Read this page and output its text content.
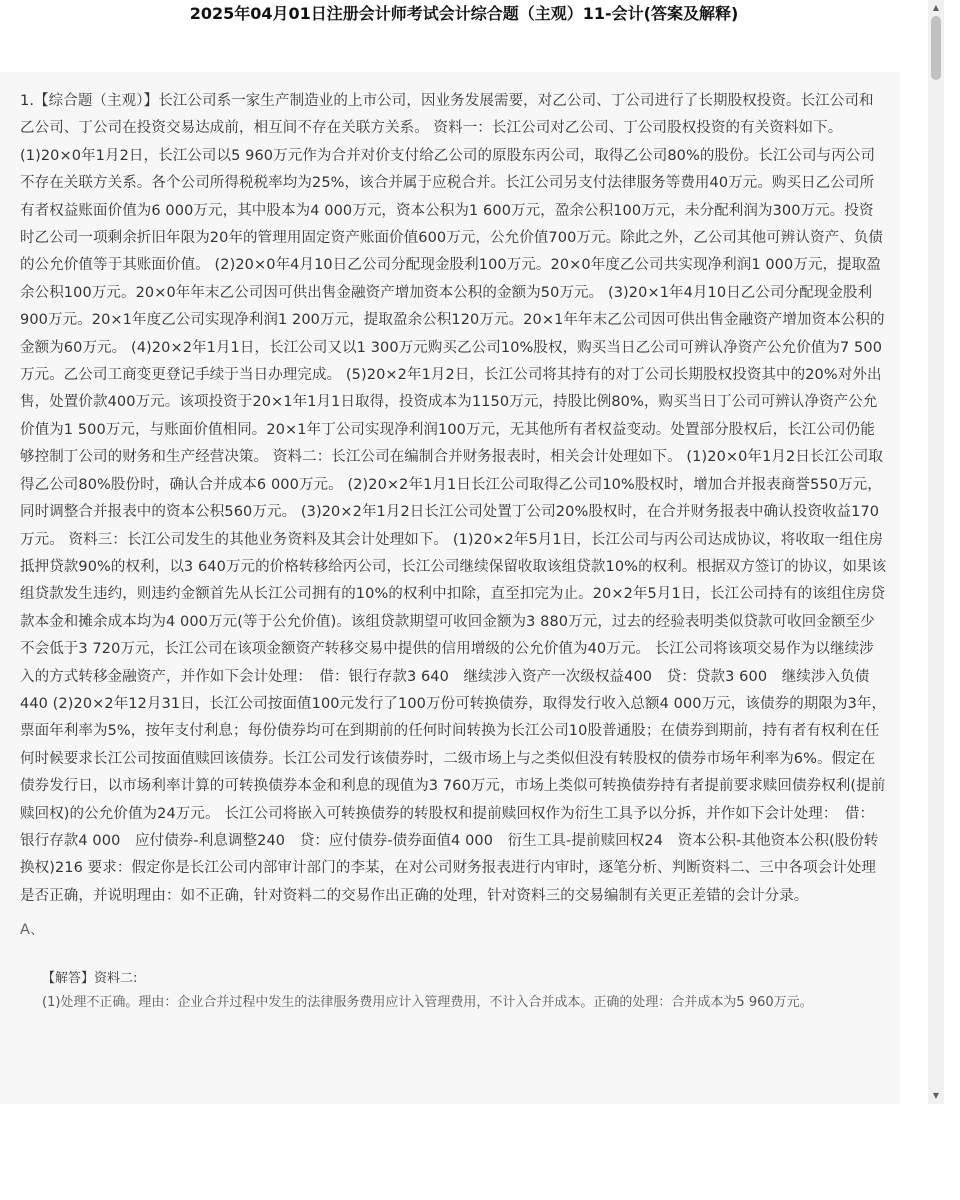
2025年04月01日注册会计师考试会计综合题（主观）11-会计(答案及解释)
1.【综合题（主观）】长江公司系一家生产制造业的上市公司，因业务发展需要，对乙公司、丁公司进行了长期股权投资。长江公司和乙公司、丁公司在投资交易达成前，相互间不存在关联方关系。 资料一：长江公司对乙公司、丁公司股权投资的有关资料如下。 (1)20×0年1月2日，长江公司以5 960万元作为合并对价支付给乙公司的原股东丙公司，取得乙公司80%的股份。长江公司与丙公司不存在关联方关系。各个公司所得税税率均为25%，该合并属于应税合并。长江公司另支付法律服务等费用40万元。购买日乙公司所有者权益账面价值为6 000万元，其中股本为4 000万元，资本公积为1 600万元，盈余公积100万元，未分配利润为300万元。投资时乙公司一项剩余折旧年限为20年的管理用固定资产账面价值600万元，公允价值700万元。除此之外，乙公司其他可辨认资产、负债的公允价值等于其账面价值。 (2)20×0年4月10日乙公司分配现金股利100万元。20×0年度乙公司共实现净利润1 000万元，提取盈余公积100万元。20×0年年末乙公司因可供出售金融资产增加资本公积的金额为50万元。 (3)20×1年4月10日乙公司分配现金股利900万元。20×1年度乙公司实现净利润1 200万元，提取盈余公积120万元。20×1年年末乙公司因可供出售金融资产增加资本公积的金额为60万元。 (4)20×2年1月1日，长江公司又以1 300万元购买乙公司10%股权，购买当日乙公司可辨认净资产公允价值为7 500万元。乙公司工商变更登记手续于当日办理完成。 (5)20×2年1月2日，长江公司将其持有的对丁公司长期股权投资其中的20%对外出售，处置价款400万元。该项投资于20×1年1月1日取得，投资成本为1150万元，持股比例80%，购买当日丁公司可辨认净资产公允价值为1 500万元，与账面价值相同。20×1年丁公司实现净利润100万元，无其他所有者权益变动。处置部分股权后，长江公司仍能够控制丁公司的财务和生产经营决策。 资料二：长江公司在编制合并财务报表时，相关会计处理如下。 (1)20×0年1月2日长江公司取得乙公司80%股份时，确认合并成本6 000万元。 (2)20×2年1月1日长江公司取得乙公司10%股权时，增加合并报表商誉550万元，同时调整合并报表中的资本公积560万元。 (3)20×2年1月2日长江公司处置丁公司20%股权时，在合并财务报表中确认投资收益170万元。 资料三：长江公司发生的其他业务资料及其会计处理如下。 (1)20×2年5月1日，长江公司与丙公司达成协议，将收取一组住房抵押贷款90%的权利，以3 640万元的价格转移给丙公司，长江公司继续保留收取该组贷款10%的权利。根据双方签订的协议，如果该组贷款发生违约，则违约金额首先从长江公司拥有的10%的权利中扣除，直至扣完为止。20×2年5月1日，长江公司持有的该组住房贷款本金和摊余成本均为4 000万元(等于公允价值)。该组贷款期望可收回金额为3 880万元，过去的经验表明类似贷款可收回金额至少不会低于3 720万元，长江公司在该项金额资产转移交易中提供的信用增级的公允价值为40万元。 长江公司将该项交易作为以继续涉入的方式转移金融资产，并作如下会计处理：　借：银行存款3 640　继续涉入资产一次级权益400　贷：贷款3 600　继续涉入负债440 (2)20×2年12月31日，长江公司按面值100元发行了100万份可转换债券，取得发行收入总额4 000万元，该债券的期限为3年，票面年利率为5%，按年支付利息；每份债券均可在到期前的任何时间转换为长江公司10股普通股；在债券到期前，持有者有权利在任何时候要求长江公司按面值赎回该债券。长江公司发行该债券时，二级市场上与之类似但没有转股权的债券市场年利率为6%。假定在债券发行日，以市场利率计算的可转换债券本金和利息的现值为3 760万元，市场上类似可转换债券持有者提前要求赎回债券权利(提前赎回权)的公允价值为24万元。 长江公司将嵌入可转换债券的转股权和提前赎回权作为衍生工具予以分拆，并作如下会计处理：　借：银行存款4 000　应付债券-利息调整240　贷：应付债券-债券面值4 000　衍生工具-提前赎回权24　资本公积-其他资本公积(股份转换权)216 要求：假定你是长江公司内部审计部门的李某，在对公司财务报表进行内审时，逐笔分析、判断资料二、三中各项会计处理是否正确，并说明理由：如不正确，针对资料二的交易作出正确的处理，针对资料三的交易编制有关更正差错的会计分录。
A、
【解答】资料二:
(1)处理不正确。理由：企业合并过程中发生的法律服务费用应计入管理费用，不计入合并成本。正确的处理：合并成本为5 960万元。
▲
▼
